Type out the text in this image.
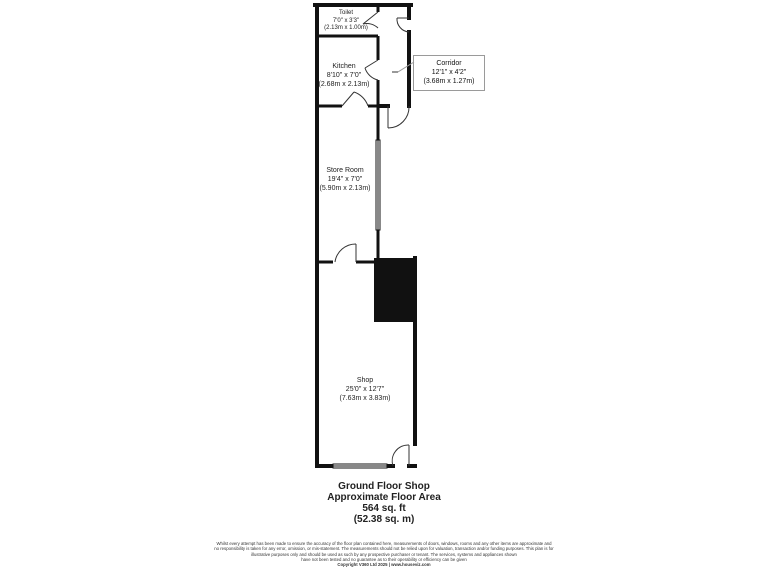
Toilet
7'0" x 3'3"
(2.13m x 1.00m)
Kitchen
8'10" x 7'0"
(2.68m x 2.13m)
Corridor
12'1" x 4'2"
(3.68m x 1.27m)
Store Room
19'4" x 7'0"
(5.90m x 2.13m)
Shop
25'0" x 12'7"
(7.63m x 3.83m)
Ground Floor Shop
Approximate Floor Area
564 sq. ft
(52.38 sq. m)
Whilst every attempt has been made to ensure the accuracy of the floor plan contained here, measurements of doors, windows, rooms and any other items are approximate and
no responsibility is taken for any error, omission, or mis-statement. The measurements should not be relied upon for valuation, transaction and/or funding purposes. This plan is for
illustrative purposes only and should be used as such by any prospective purchaser or tenant. The services, systems and appliances shown
have not been tested and no guarantee as to their operability or efficiency can be given
Copyright V360 Ltd 2025 | www.houseviz.com
